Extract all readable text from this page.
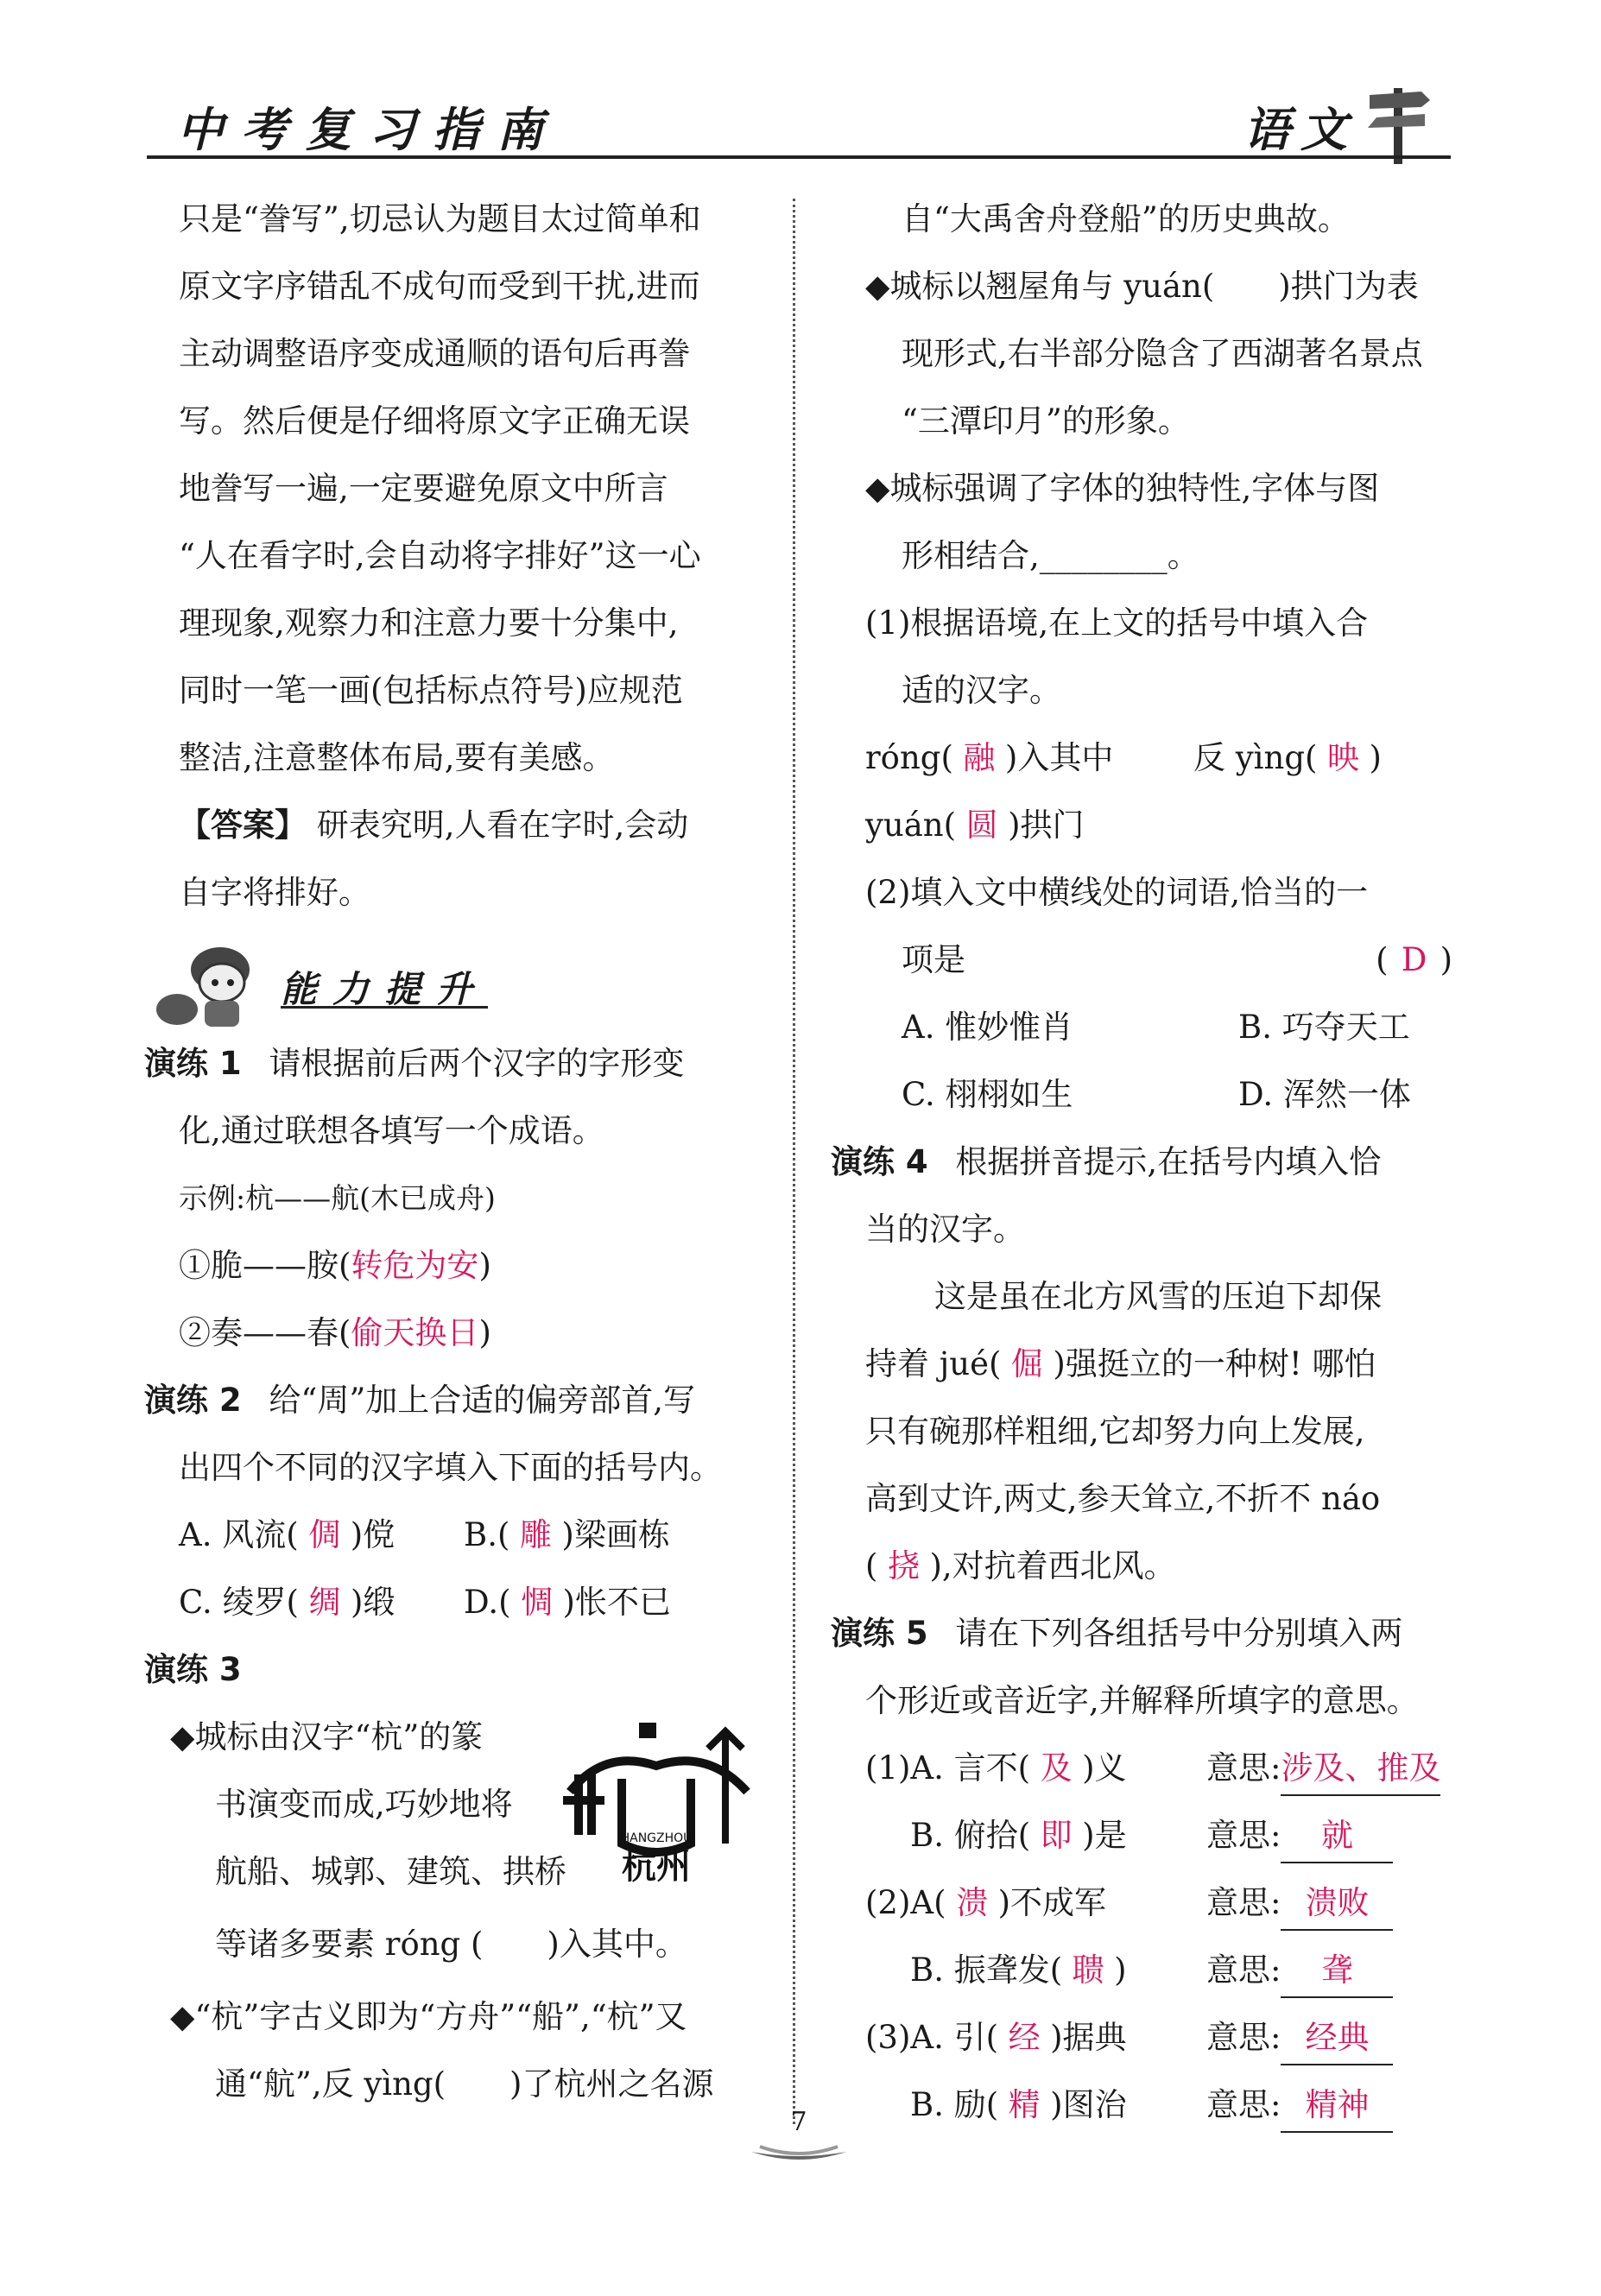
中考复习指南	语文

只是“誊写”,切忌认为题目太过简单和

原文字序错乱不成句而受到干扰,进而

主动调整语序变成通顺的语句后再誊

写。然后便是仔细将原文字正确无误

地誊写一遍,一定要避免原文中所言

“人在看字时,会自动将字排好”这一心

理现象,观察力和注意力要十分集中,

同时一笔一画(包括标点符号)应规范

整洁,注意整体布局,要有美感。

【答案】 研表究明,人看在字时,会动

自字将排好。

能力提升

演练 1 请根据前后两个汉字的字形变

化,通过联想各填写一个成语。

示例:杭——航(木已成舟)

①脆——胺(转危为安)

②奏——春(偷天换日)

演练 2 给“周”加上合适的偏旁部首,写

出四个不同的汉字填入下面的括号内。

A. 风流( 倜 )傥 B.( 雕 )梁画栋

C. 绫罗( 绸 )缎 D.( 惆 )怅不已

演练 3

◆城标由汉字“杭”的篆

书演变而成,巧妙地将

航船、城郭、建筑、拱桥

等诸多要素 róng (　　)入其中。

◆“杭”字古义即为“方舟”“船”,“杭”又

通“航”,反 yìng(　　)了杭州之名源

HANGZHOU
杭州

自“大禹舍舟登船”的历史典故。

◆城标以翘屋角与 yuán(　　)拱门为表

现形式,右半部分隐含了西湖著名景点

“三潭印月”的形象。

◆城标强调了字体的独特性,字体与图

形相结合,________。

(1)根据语境,在上文的括号中填入合

适的汉字。

róng( 融 )入其中	反 yìng( 映 )

yuán( 圆 )拱门

(2)填入文中横线处的词语,恰当的一

项是	( D )

A. 惟妙惟肖	B. 巧夺天工

C. 栩栩如生	D. 浑然一体

演练 4 根据拼音提示,在括号内填入恰

当的汉字。

这是虽在北方风雪的压迫下却保

持着 jué( 倔 )强挺立的一种树! 哪怕

只有碗那样粗细,它却努力向上发展,

高到丈许,两丈,参天耸立,不折不 náo

( 挠 ),对抗着西北风。

演练 5 请在下列各组括号中分别填入两

个形近或音近字,并解释所填字的意思。

(1)A. 言不( 及 )义 意思:涉及、推及

B. 俯拾( 即 )是 意思: 就

(2)A( 溃 )不成军	意思: 溃败

B. 振聋发( 聩 ) 意思: 聋

(3)A. 引( 经 )据典 意思: 经典

B. 励( 精 )图治 意思: 精神

7
